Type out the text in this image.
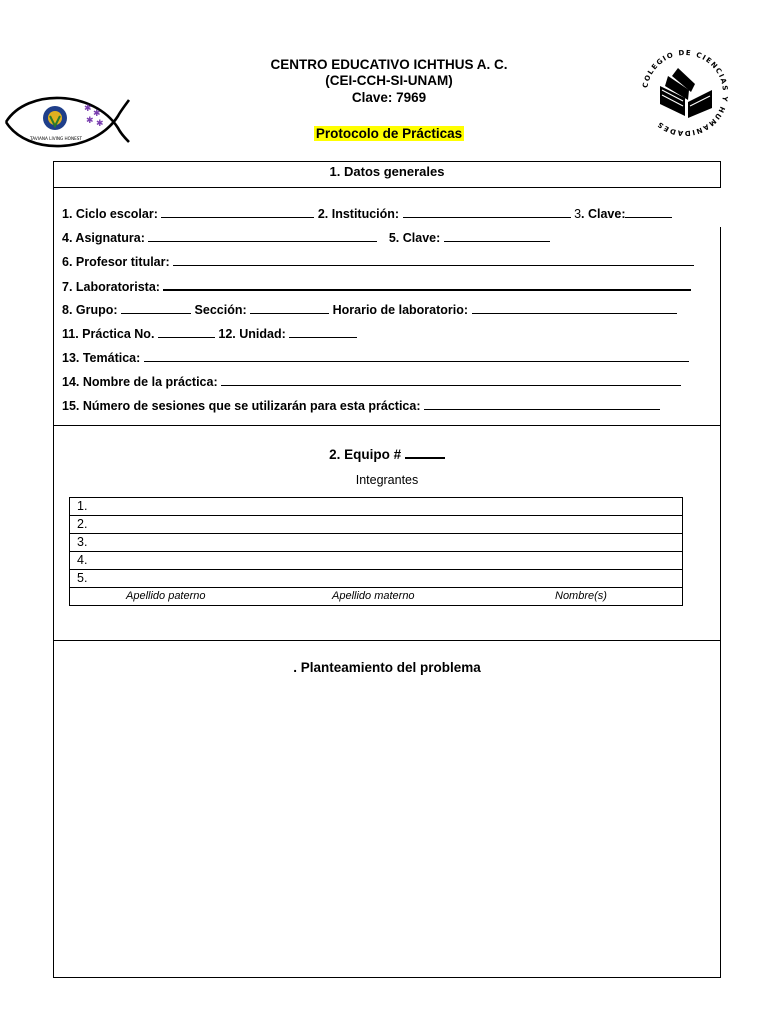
CENTRO EDUCATIVO ICHTHUS A. C.
(CEI-CCH-SI-UNAM)
Clave: 7969
Protocolo de Prácticas
✱ ✱
✱ ✱
TAVIANA LIVING HONEST
COLEGIO DE CIENCIAS Y HUMANIDADES
1. Datos generales
1. Ciclo escolar:	2. Institución:	3. Clave:
4. Asignatura:	5. Clave:
6. Profesor titular:
7. Laboratorista:
8. Grupo:	Sección:	Horario de laboratorio:
11. Práctica No.	12. Unidad:
13. Temática:
14. Nombre de la práctica:
15. Número de sesiones que se utilizarán para esta práctica:
2. Equipo #
Integrantes
1.
2.
3.
4.
5.
Apellido paterno	Apellido materno	Nombre(s)
. Planteamiento del problema
